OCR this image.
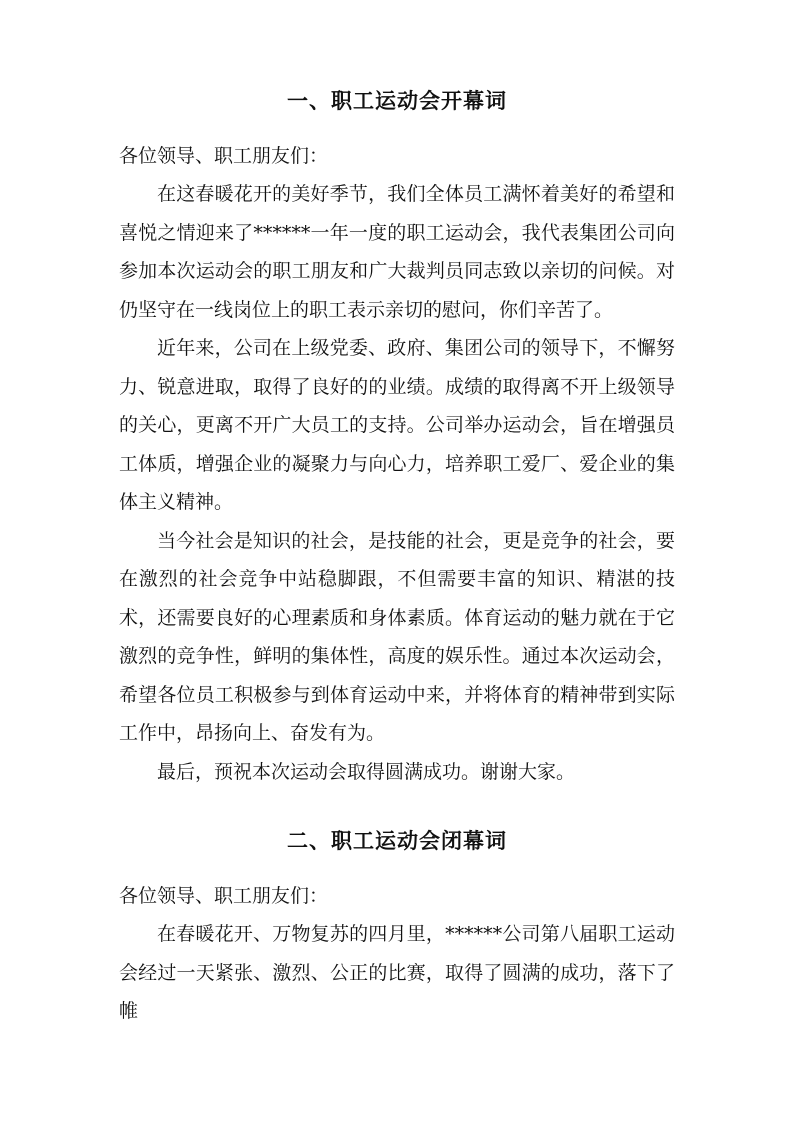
一、职工运动会开幕词

各位领导、职工朋友们：

在这春暖花开的美好季节，我们全体员工满怀着美好的希望和喜悦之情迎来了******一年一度的职工运动会，我代表集团公司向参加本次运动会的职工朋友和广大裁判员同志致以亲切的问候。对仍坚守在一线岗位上的职工表示亲切的慰问，你们辛苦了。

近年来，公司在上级党委、政府、集团公司的领导下，不懈努力、锐意进取，取得了良好的的业绩。成绩的取得离不开上级领导的关心，更离不开广大员工的支持。公司举办运动会，旨在增强员工体质，增强企业的凝聚力与向心力，培养职工爱厂、爱企业的集体主义精神。

当今社会是知识的社会，是技能的社会，更是竞争的社会，要在激烈的社会竞争中站稳脚跟，不但需要丰富的知识、精湛的技术，还需要良好的心理素质和身体素质。体育运动的魅力就在于它激烈的竞争性，鲜明的集体性，高度的娱乐性。通过本次运动会，希望各位员工积极参与到体育运动中来，并将体育的精神带到实际工作中，昂扬向上、奋发有为。

最后，预祝本次运动会取得圆满成功。谢谢大家。

二、职工运动会闭幕词

各位领导、职工朋友们：

在春暖花开、万物复苏的四月里，******公司第八届职工运动会经过一天紧张、激烈、公正的比赛，取得了圆满的成功，落下了帷
